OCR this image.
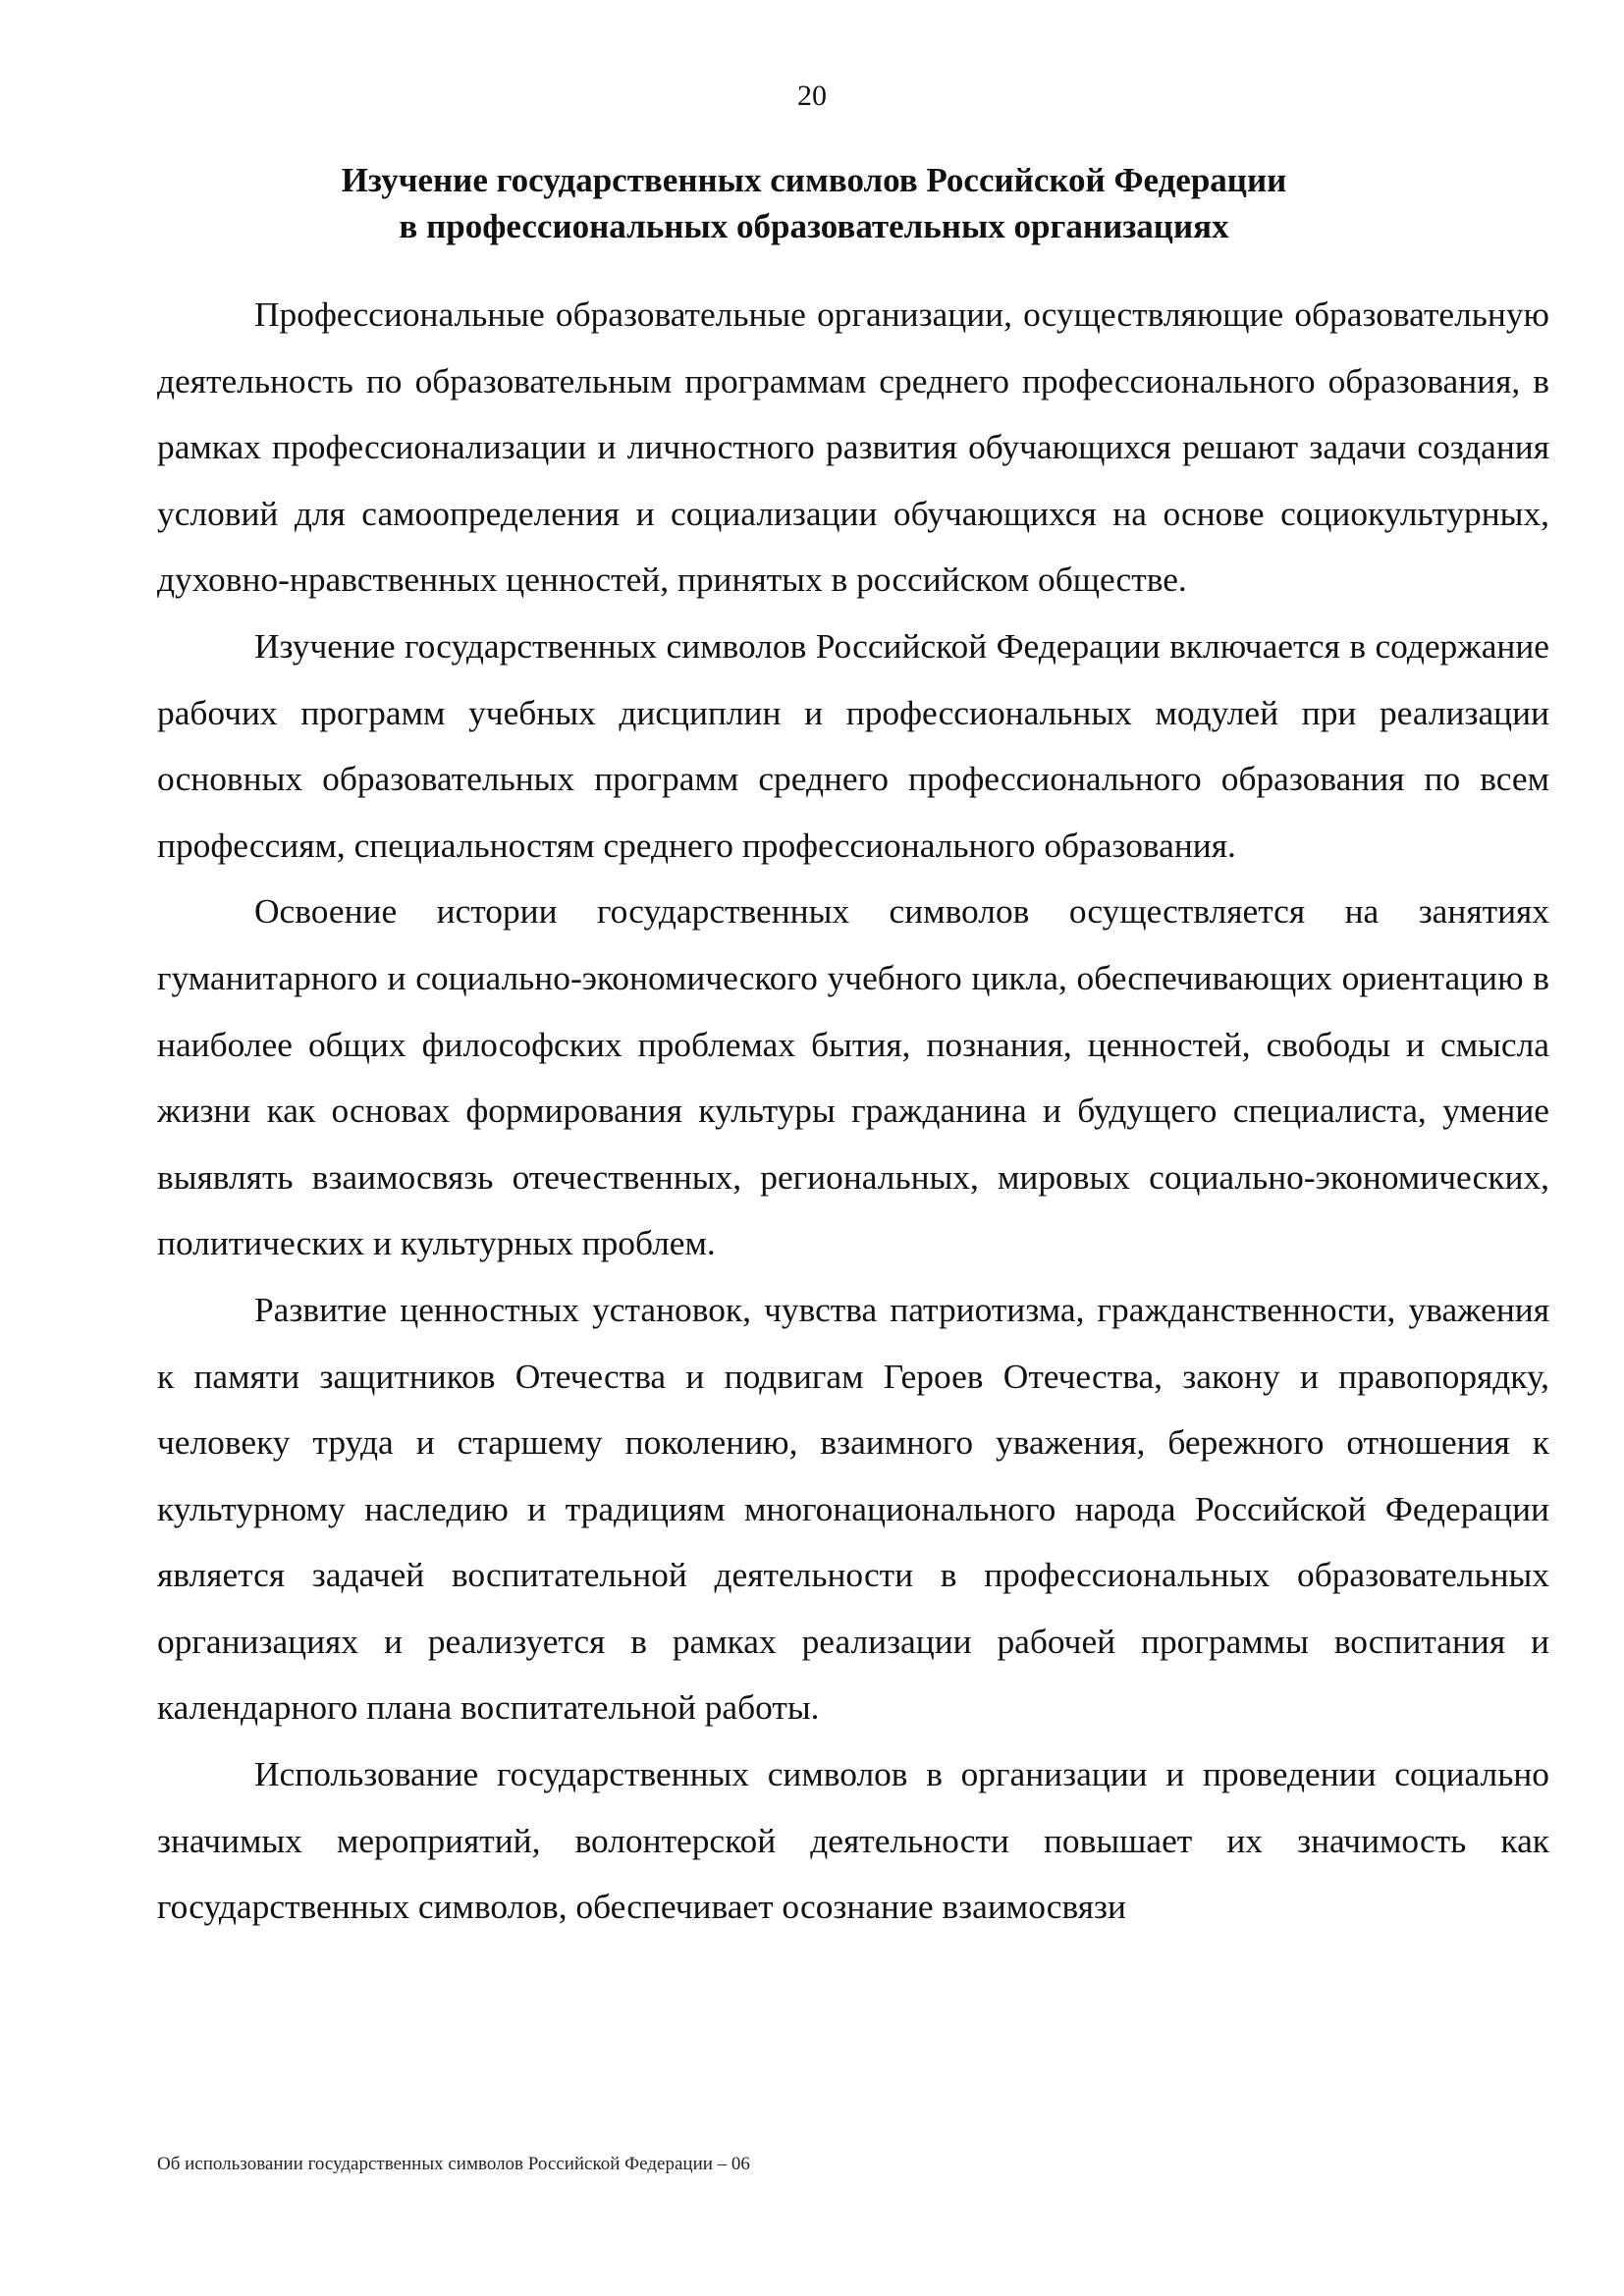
20
Изучение государственных символов Российской Федерации
в профессиональных образовательных организациях

Профессиональные образовательные организации, осуществляющие образовательную деятельность по образовательным программам среднего профессионального образования, в рамках профессионализации и личностного развития обучающихся решают задачи создания условий для самоопределения и социализации обучающихся на основе социокультурных, духовно-нравственных ценностей, принятых в российском обществе.

Изучение государственных символов Российской Федерации включается в содержание рабочих программ учебных дисциплин и профессиональных модулей при реализации основных образовательных программ среднего профессионального образования по всем профессиям, специальностям среднего профессионального образования.

Освоение истории государственных символов осуществляется на занятиях гуманитарного и социально-экономического учебного цикла, обеспечивающих ориентацию в наиболее общих философских проблемах бытия, познания, ценностей, свободы и смысла жизни как основах формирования культуры гражданина и будущего специалиста, умение выявлять взаимосвязь отечественных, региональных, мировых социально-экономических, политических и культурных проблем.

Развитие ценностных установок, чувства патриотизма, гражданственности, уважения к памяти защитников Отечества и подвигам Героев Отечества, закону и правопорядку, человеку труда и старшему поколению, взаимного уважения, бережного отношения к культурному наследию и традициям многонационального народа Российской Федерации является задачей воспитательной деятельности в профессиональных образовательных организациях и реализуется в рамках реализации рабочей программы воспитания и календарного плана воспитательной работы.

Использование государственных символов в организации и проведении социально значимых мероприятий, волонтерской деятельности повышает их значимость как государственных символов, обеспечивает осознание взаимосвязи

Об использовании государственных символов Российской Федерации – 06
